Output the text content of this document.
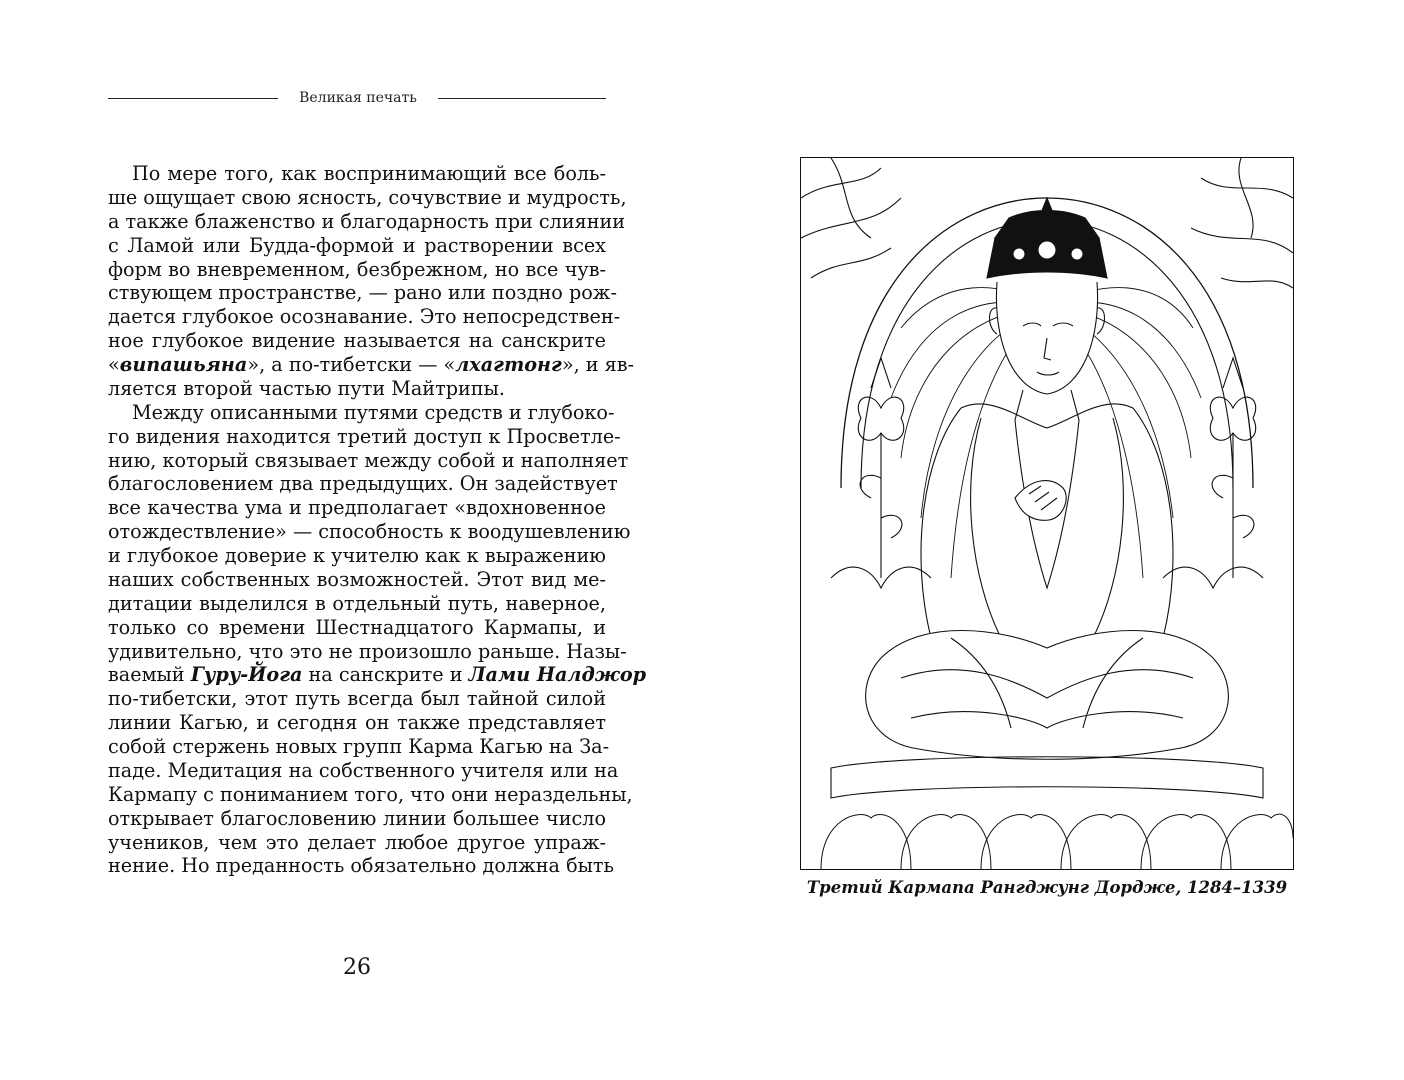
Великая печать
По мере того, как воспринимающий все боль-
ше ощущает свою ясность, сочувствие и мудрость,
а также блаженство и благодарность при слиянии
с Ламой или Будда-формой и растворении всех
форм во вневременном, безбрежном, но все чув-
ствующем пространстве, — рано или поздно рож-
дается глубокое осознавание. Это непосредствен-
ное глубокое видение называется на санскрите
«випашьяна», а по-тибетски — «лхагтонг», и яв-
ляется второй частью пути Майтрипы.
Между описанными путями средств и глубоко-
го видения находится третий доступ к Просветле-
нию, который связывает между собой и наполняет
благословением два предыдущих. Он задействует
все качества ума и предполагает «вдохновенное
отождествление» — способность к воодушевлению
и глубокое доверие к учителю как к выражению
наших собственных возможностей. Этот вид ме-
дитации выделился в отдельный путь, наверное,
только со времени Шестнадцатого Кармапы, и
удивительно, что это не произошло раньше. Назы-
ваемый Гуру-Йога на санскрите и Лами Налджор
по-тибетски, этот путь всегда был тайной силой
линии Кагью, и сегодня он также представляет
собой стержень новых групп Карма Кагью на За-
паде. Медитация на собственного учителя или на
Кармапу с пониманием того, что они нераздельны,
открывает благословению линии большее число
учеников, чем это делает любое другое упраж-
нение. Но преданность обязательно должна быть
26
Третий Кармапа Рангджунг Дордже, 1284–1339
